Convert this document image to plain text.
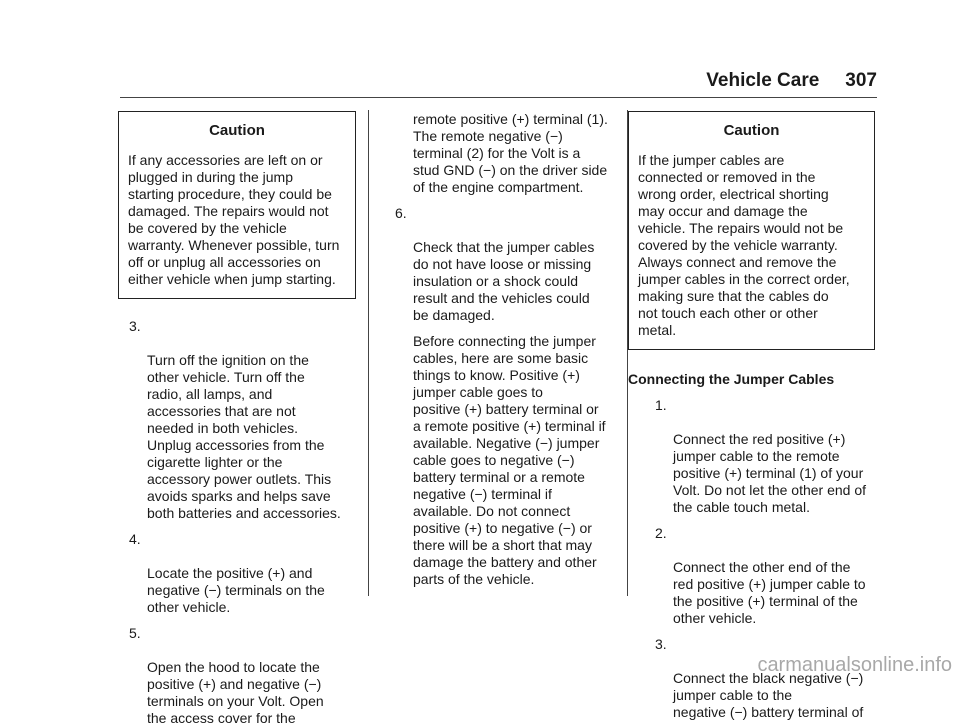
Vehicle Care 307
Caution

If any accessories are left on or
plugged in during the jump
starting procedure, they could be
damaged. The repairs would not
be covered by the vehicle
warranty. Whenever possible, turn
off or unplug all accessories on
either vehicle when jump starting.

3.

Turn off the ignition on the
other vehicle. Turn off the
radio, all lamps, and
accessories that are not
needed in both vehicles.
Unplug accessories from the
cigarette lighter or the
accessory power outlets. This
avoids sparks and helps save
both batteries and accessories.

4.

Locate the positive (+) and
negative (−) terminals on the
other vehicle.

5.

Open the hood to locate the
positive (+) and negative (−)
terminals on your Volt. Open
the access cover for the

remote positive (+) terminal (1).
The remote negative (−)
terminal (2) for the Volt is a
stud GND (−) on the driver side
of the engine compartment.

6.

Check that the jumper cables
do not have loose or missing
insulation or a shock could
result and the vehicles could
be damaged.

Before connecting the jumper
cables, here are some basic
things to know. Positive (+)
jumper cable goes to
positive (+) battery terminal or
a remote positive (+) terminal if
available. Negative (−) jumper
cable goes to negative (−)
battery terminal or a remote
negative (−) terminal if
available. Do not connect
positive (+) to negative (−) or
there will be a short that may
damage the battery and other
parts of the vehicle.

Caution

If the jumper cables are
connected or removed in the
wrong order, electrical shorting
may occur and damage the
vehicle. The repairs would not be
covered by the vehicle warranty.
Always connect and remove the
jumper cables in the correct order,
making sure that the cables do
not touch each other or other
metal.

Connecting the Jumper Cables

1.

Connect the red positive (+)
jumper cable to the remote
positive (+) terminal (1) of your
Volt. Do not let the other end of
the cable touch metal.

2.

Connect the other end of the
red positive (+) jumper cable to
the positive (+) terminal of the
other vehicle.

3.

Connect the black negative (−)
jumper cable to the
negative (−) battery terminal of

carmanualsonline.info
